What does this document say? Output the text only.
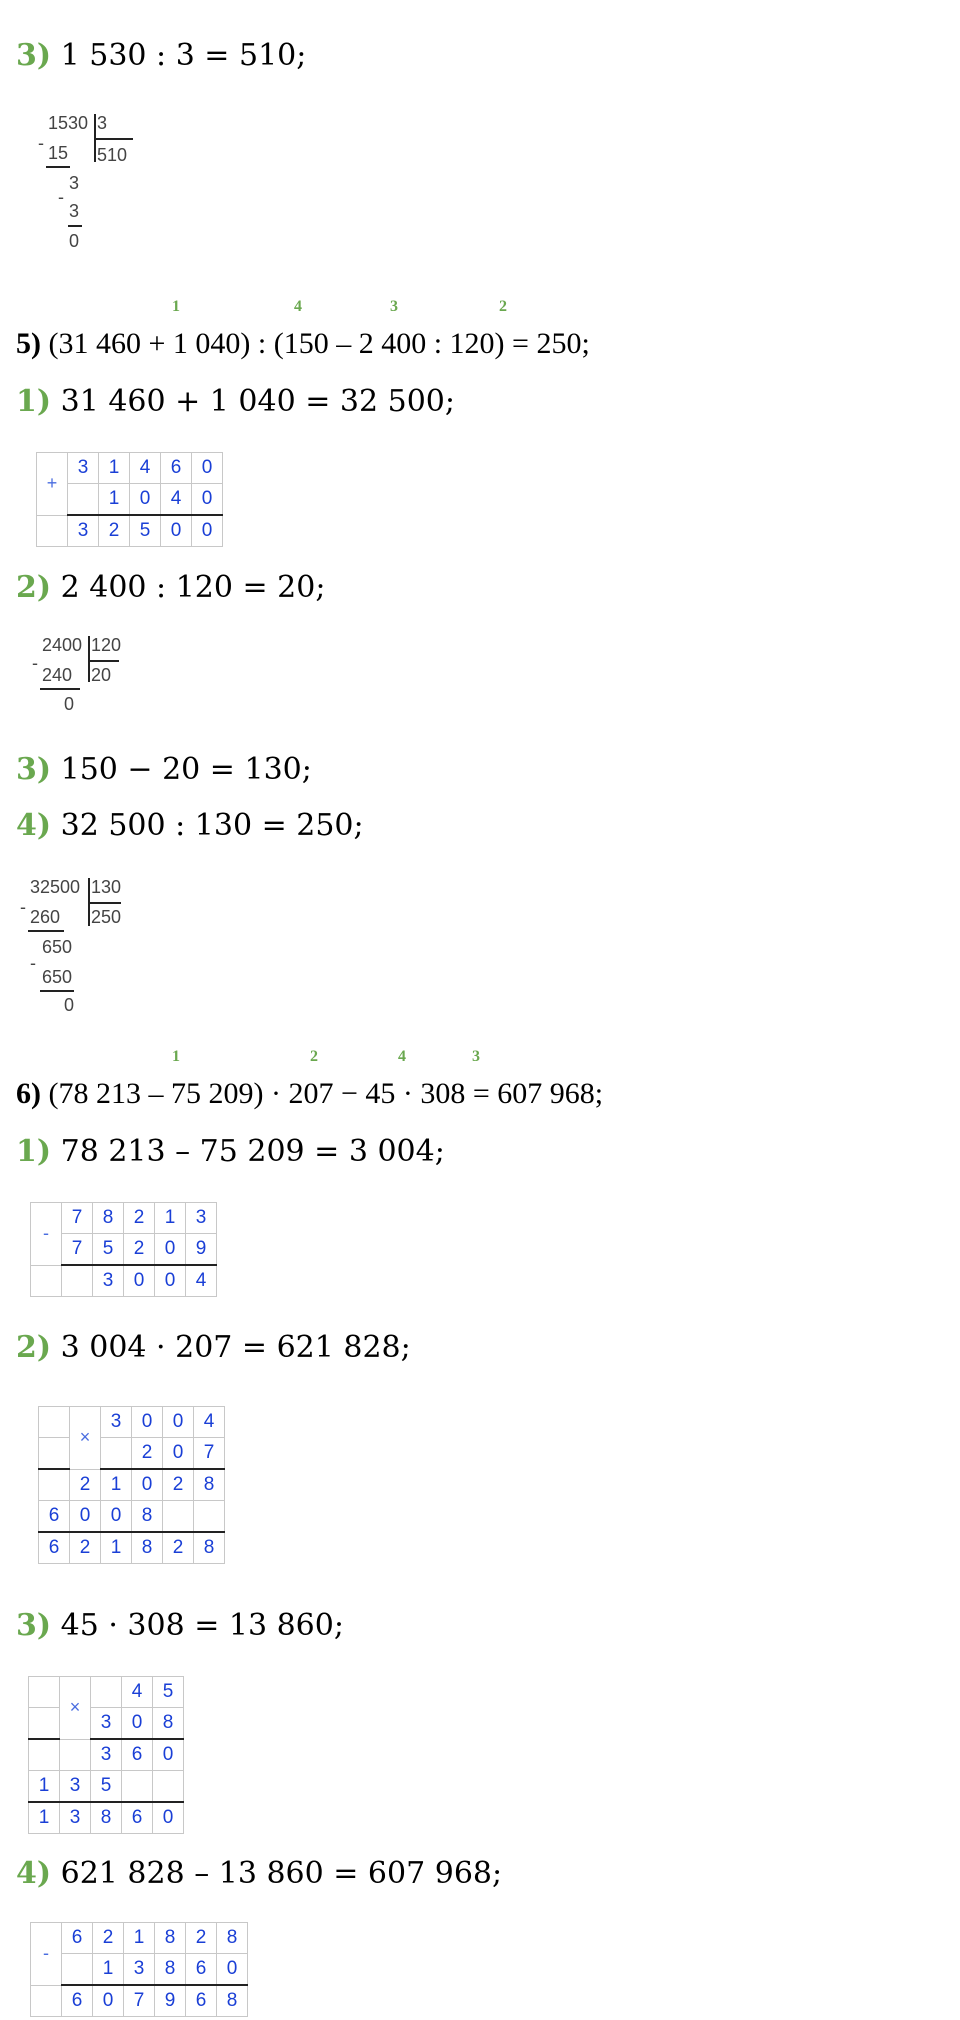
3) 1 530 : 3 = 510;
1530 3
510
- 15
3
-
3
0
1	4	3	2
5) (31 460 + 1 040) : (150 – 2 400 : 120) = 250;
1) 31 460 + 1 040 = 32 500;
+	3	1	4	6	0
		1	0	4	0
	3	2	5	0	0
2) 2 400 : 120 = 20;
2400 120
20
-
240
0
3) 150 − 20 = 130;
4) 32 500 : 130 = 250;
32500 130
250
- 260
650
-
650
0
1	2	4	3
6) (78 213 – 75 209) · 207 − 45 · 308 = 607 968;
1) 78 213 – 75 209 = 3 004;
-	7	8	2	1	3
	7	5	2	0	9
		3	0	0	4
2) 3 004 · 207 = 621 828;
	×	3	0	0	4
			2	0	7
	2	1	0	2	8
6	0	0	8		
6	2	1	8	2	8
3) 45 · 308 = 13 860;
	×		4	5
		3	0	8
		3	6	0
1	3	5		
1	3	8	6	0
4) 621 828 – 13 860 = 607 968;
-	6	2	1	8	2	8
		1	3	8	6	0
	6	0	7	9	6	8
